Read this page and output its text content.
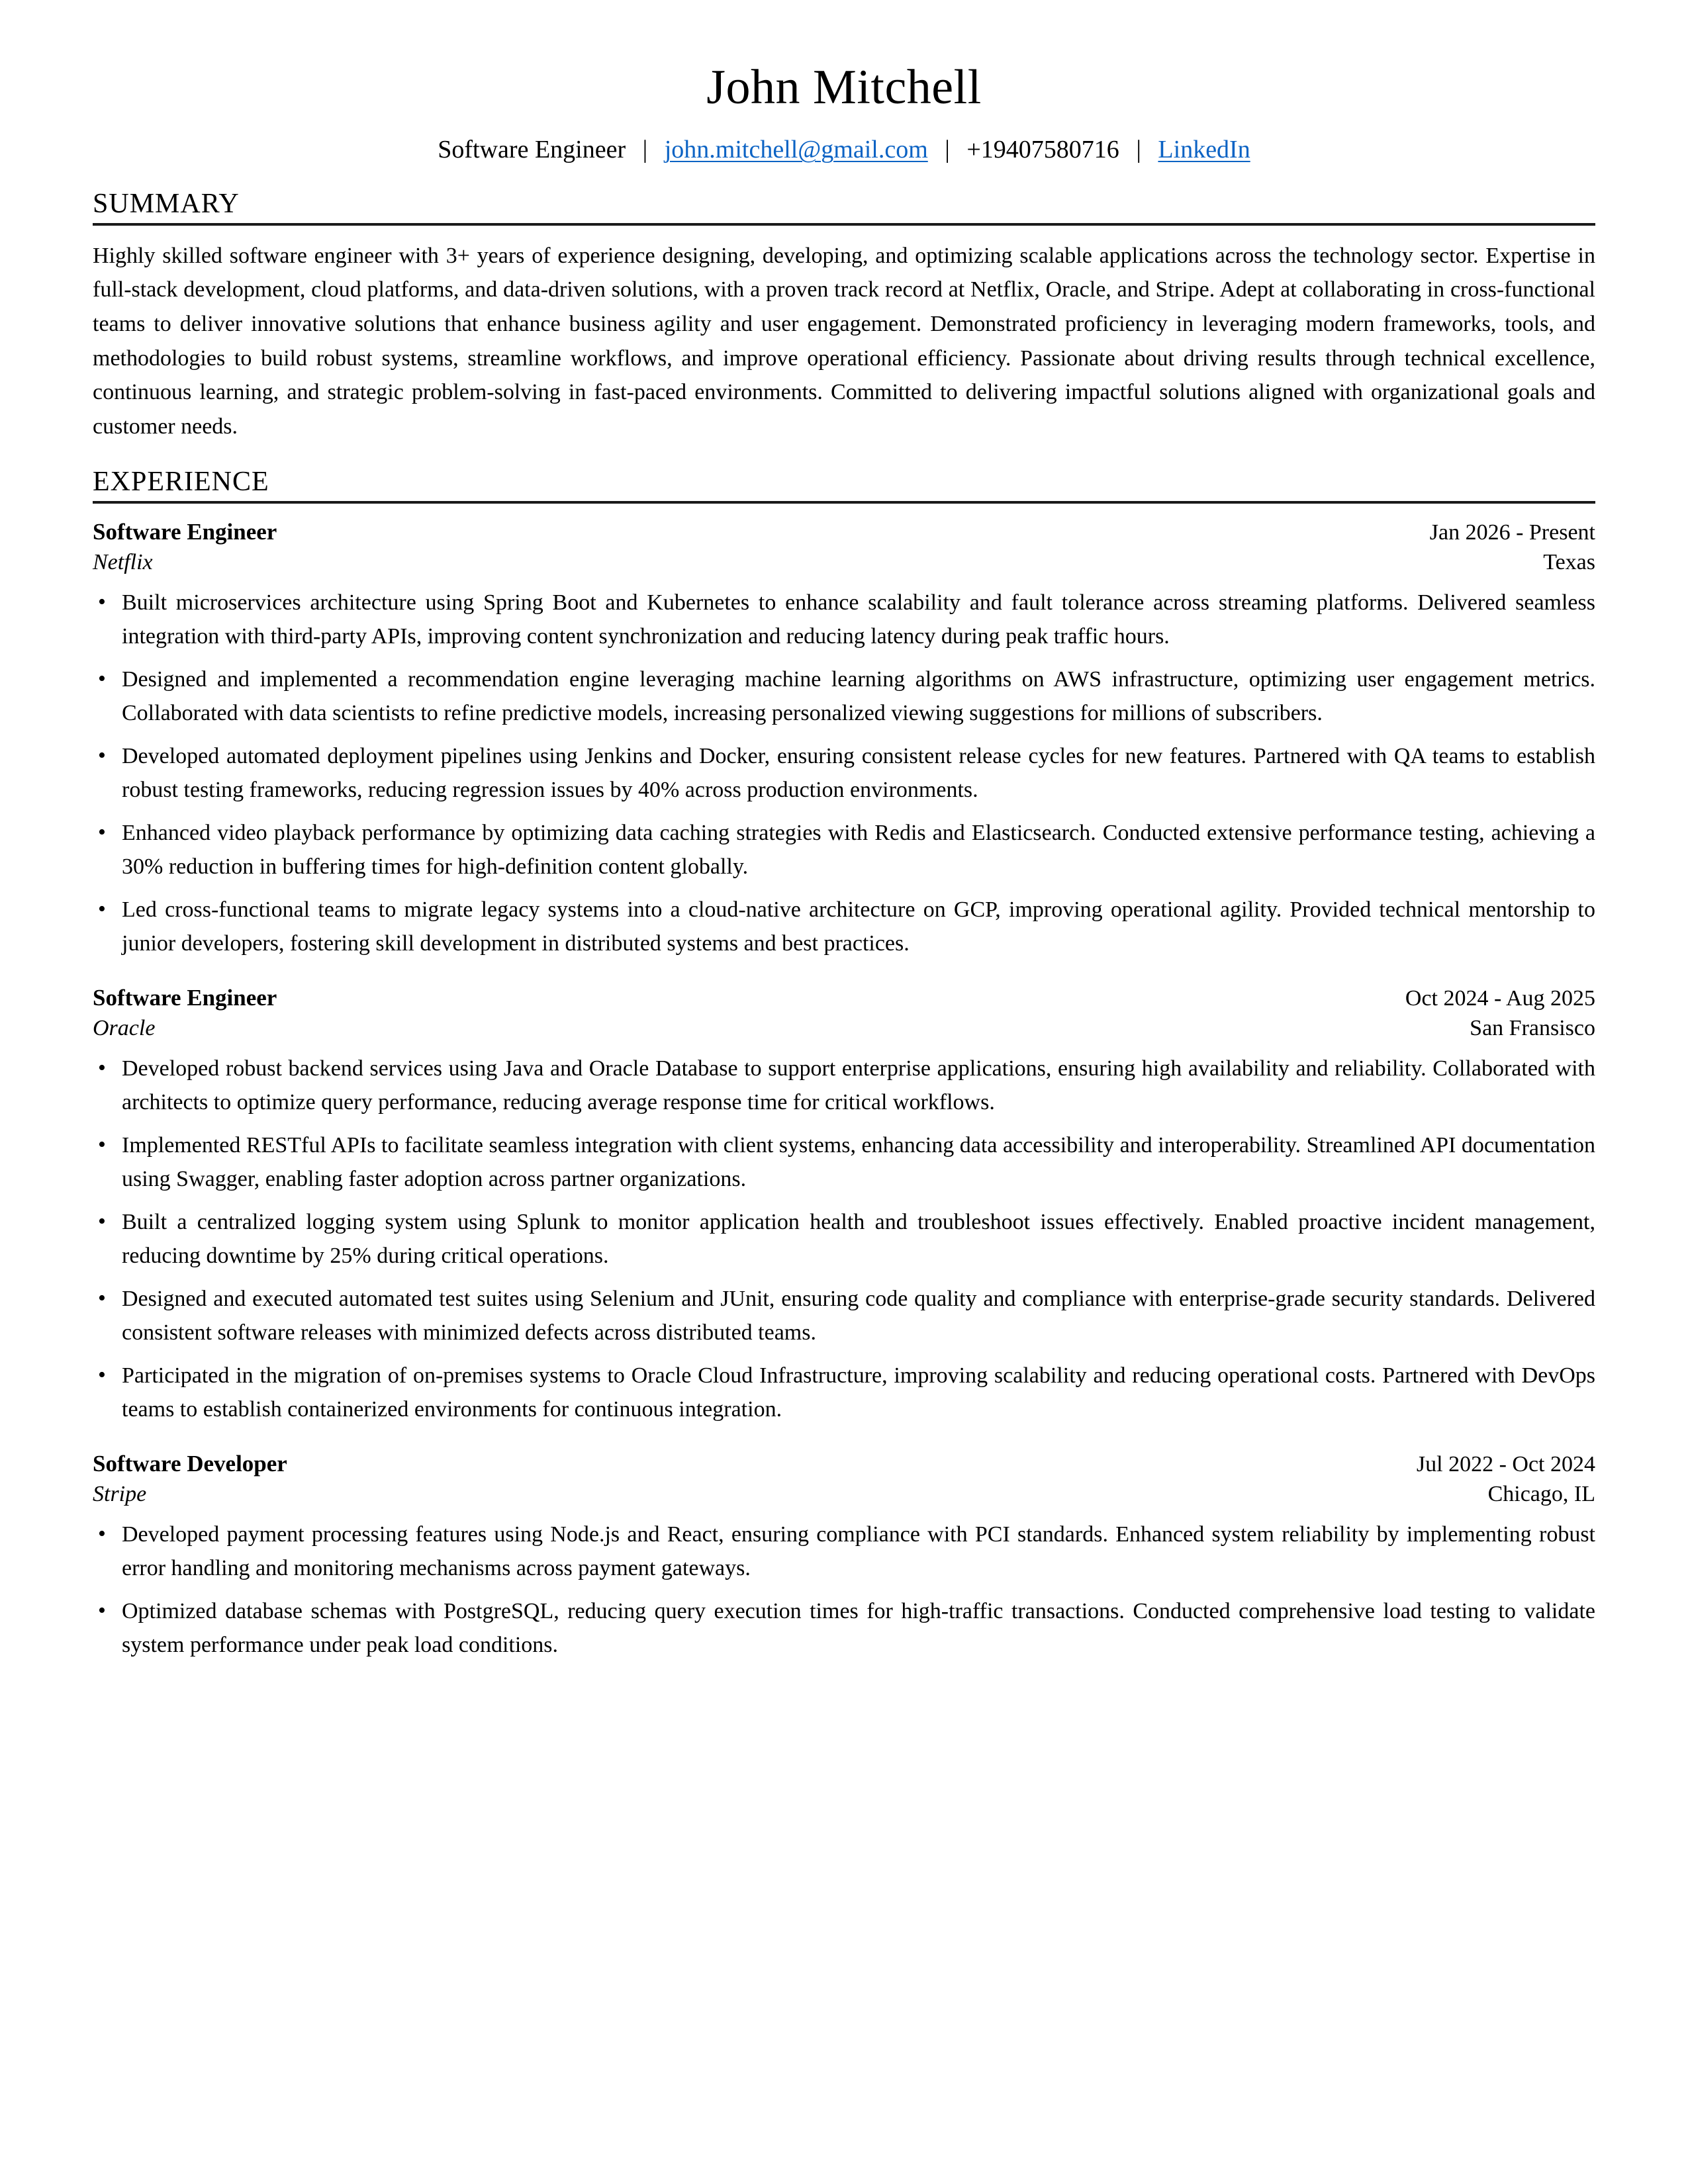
John Mitchell
Software Engineer | john.mitchell@gmail.com | +19407580716 | LinkedIn
SUMMARY

Highly skilled software engineer with 3+ years of experience designing, developing, and optimizing scalable applications across the technology sector. Expertise in full-stack development, cloud platforms, and data-driven solutions, with a proven track record at Netflix, Oracle, and Stripe. Adept at collaborating in cross-functional teams to deliver innovative solutions that enhance business agility and user engagement. Demonstrated proficiency in leveraging modern frameworks, tools, and methodologies to build robust systems, streamline workflows, and improve operational efficiency. Passionate about driving results through technical excellence, continuous learning, and strategic problem-solving in fast-paced environments. Committed to delivering impactful solutions aligned with organizational goals and customer needs.

EXPERIENCE
Software Engineer	Jan 2026 - Present
Netflix	Texas
• Built microservices architecture using Spring Boot and Kubernetes to enhance scalability and fault tolerance across streaming platforms. Delivered seamless integration with third-party APIs, improving content synchronization and reducing latency during peak traffic hours.
• Designed and implemented a recommendation engine leveraging machine learning algorithms on AWS infrastructure, optimizing user engagement metrics. Collaborated with data scientists to refine predictive models, increasing personalized viewing suggestions for millions of subscribers.
• Developed automated deployment pipelines using Jenkins and Docker, ensuring consistent release cycles for new features. Partnered with QA teams to establish robust testing frameworks, reducing regression issues by 40% across production environments.
• Enhanced video playback performance by optimizing data caching strategies with Redis and Elasticsearch. Conducted extensive performance testing, achieving a 30% reduction in buffering times for high-definition content globally.
• Led cross-functional teams to migrate legacy systems into a cloud-native architecture on GCP, improving operational agility. Provided technical mentorship to junior developers, fostering skill development in distributed systems and best practices.
Software Engineer	Oct 2024 - Aug 2025
Oracle	San Fransisco
• Developed robust backend services using Java and Oracle Database to support enterprise applications, ensuring high availability and reliability. Collaborated with architects to optimize query performance, reducing average response time for critical workflows.
• Implemented RESTful APIs to facilitate seamless integration with client systems, enhancing data accessibility and interoperability. Streamlined API documentation using Swagger, enabling faster adoption across partner organizations.
• Built a centralized logging system using Splunk to monitor application health and troubleshoot issues effectively. Enabled proactive incident management, reducing downtime by 25% during critical operations.
• Designed and executed automated test suites using Selenium and JUnit, ensuring code quality and compliance with enterprise-grade security standards. Delivered consistent software releases with minimized defects across distributed teams.
• Participated in the migration of on-premises systems to Oracle Cloud Infrastructure, improving scalability and reducing operational costs. Partnered with DevOps teams to establish containerized environments for continuous integration.
Software Developer	Jul 2022 - Oct 2024
Stripe	Chicago, IL
• Developed payment processing features using Node.js and React, ensuring compliance with PCI standards. Enhanced system reliability by implementing robust error handling and monitoring mechanisms across payment gateways.
• Optimized database schemas with PostgreSQL, reducing query execution times for high-traffic transactions. Conducted comprehensive load testing to validate system performance under peak load conditions.
